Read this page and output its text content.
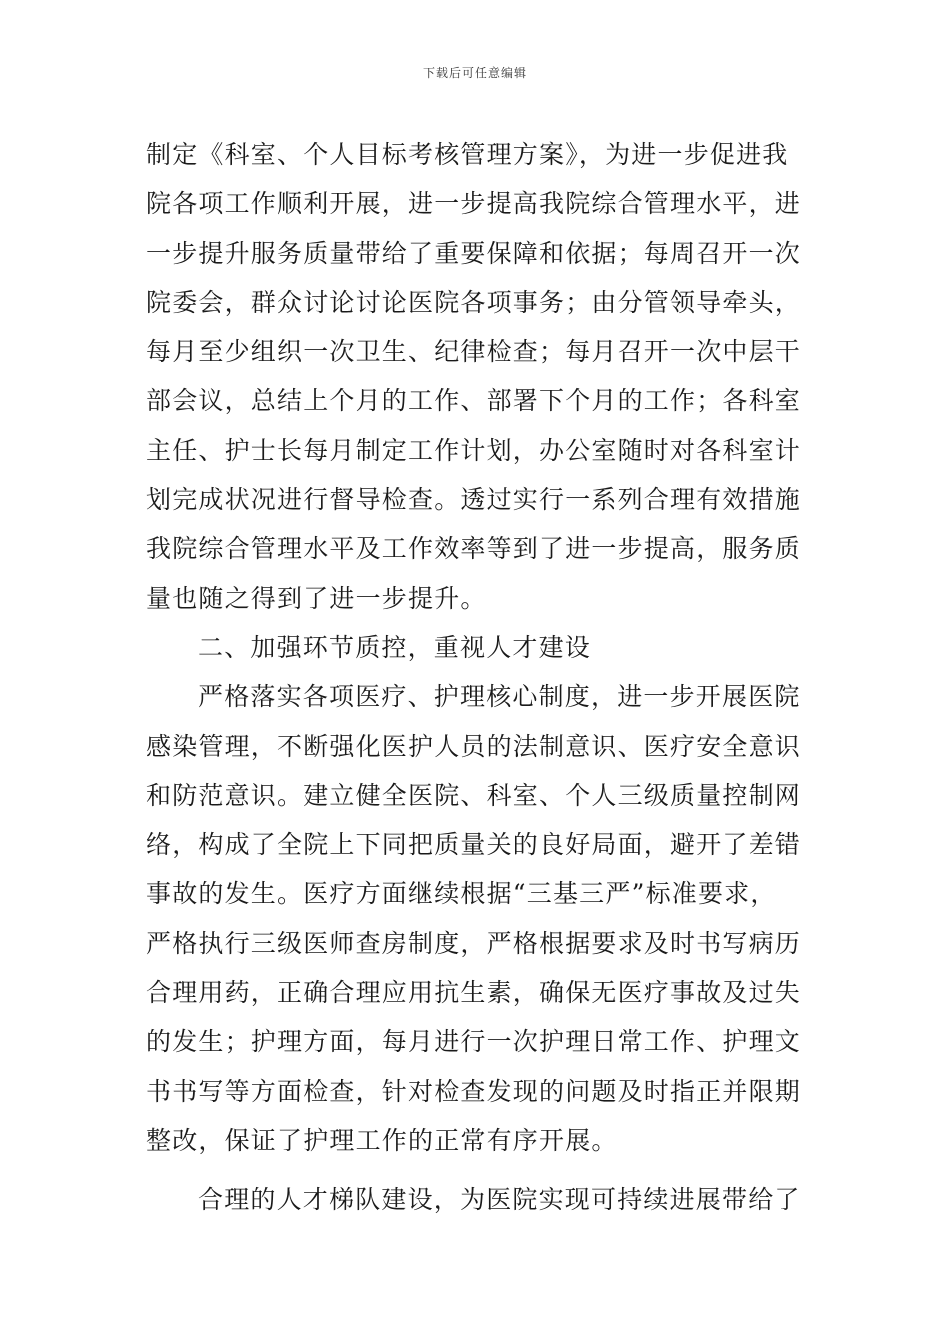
下载后可任意编辑
制定《科室、个人目标考核管理方案》，为进一步促进我
院各项工作顺利开展，进一步提高我院综合管理水平，进
一步提升服务质量带给了重要保障和依据；每周召开一次
院委会，群众讨论讨论医院各项事务；由分管领导牵头，
每月至少组织一次卫生、纪律检查；每月召开一次中层干
部会议，总结上个月的工作、部署下个月的工作；各科室
主任、护士长每月制定工作计划，办公室随时对各科室计
划完成状况进行督导检查。透过实行一系列合理有效措施
我院综合管理水平及工作效率等到了进一步提高，服务质
量也随之得到了进一步提升。
二、加强环节质控，重视人才建设
严格落实各项医疗、护理核心制度，进一步开展医院
感染管理，不断强化医护人员的法制意识、医疗安全意识
和防范意识。建立健全医院、科室、个人三级质量控制网
络，构成了全院上下同把质量关的良好局面，避开了差错
事故的发生。医疗方面继续根据“三基三严”标准要求，
严格执行三级医师查房制度，严格根据要求及时书写病历
合理用药，正确合理应用抗生素，确保无医疗事故及过失
的发生；护理方面，每月进行一次护理日常工作、护理文
书书写等方面检查，针对检查发现的问题及时指正并限期
整改，保证了护理工作的正常有序开展。
合理的人才梯队建设，为医院实现可持续进展带给了
